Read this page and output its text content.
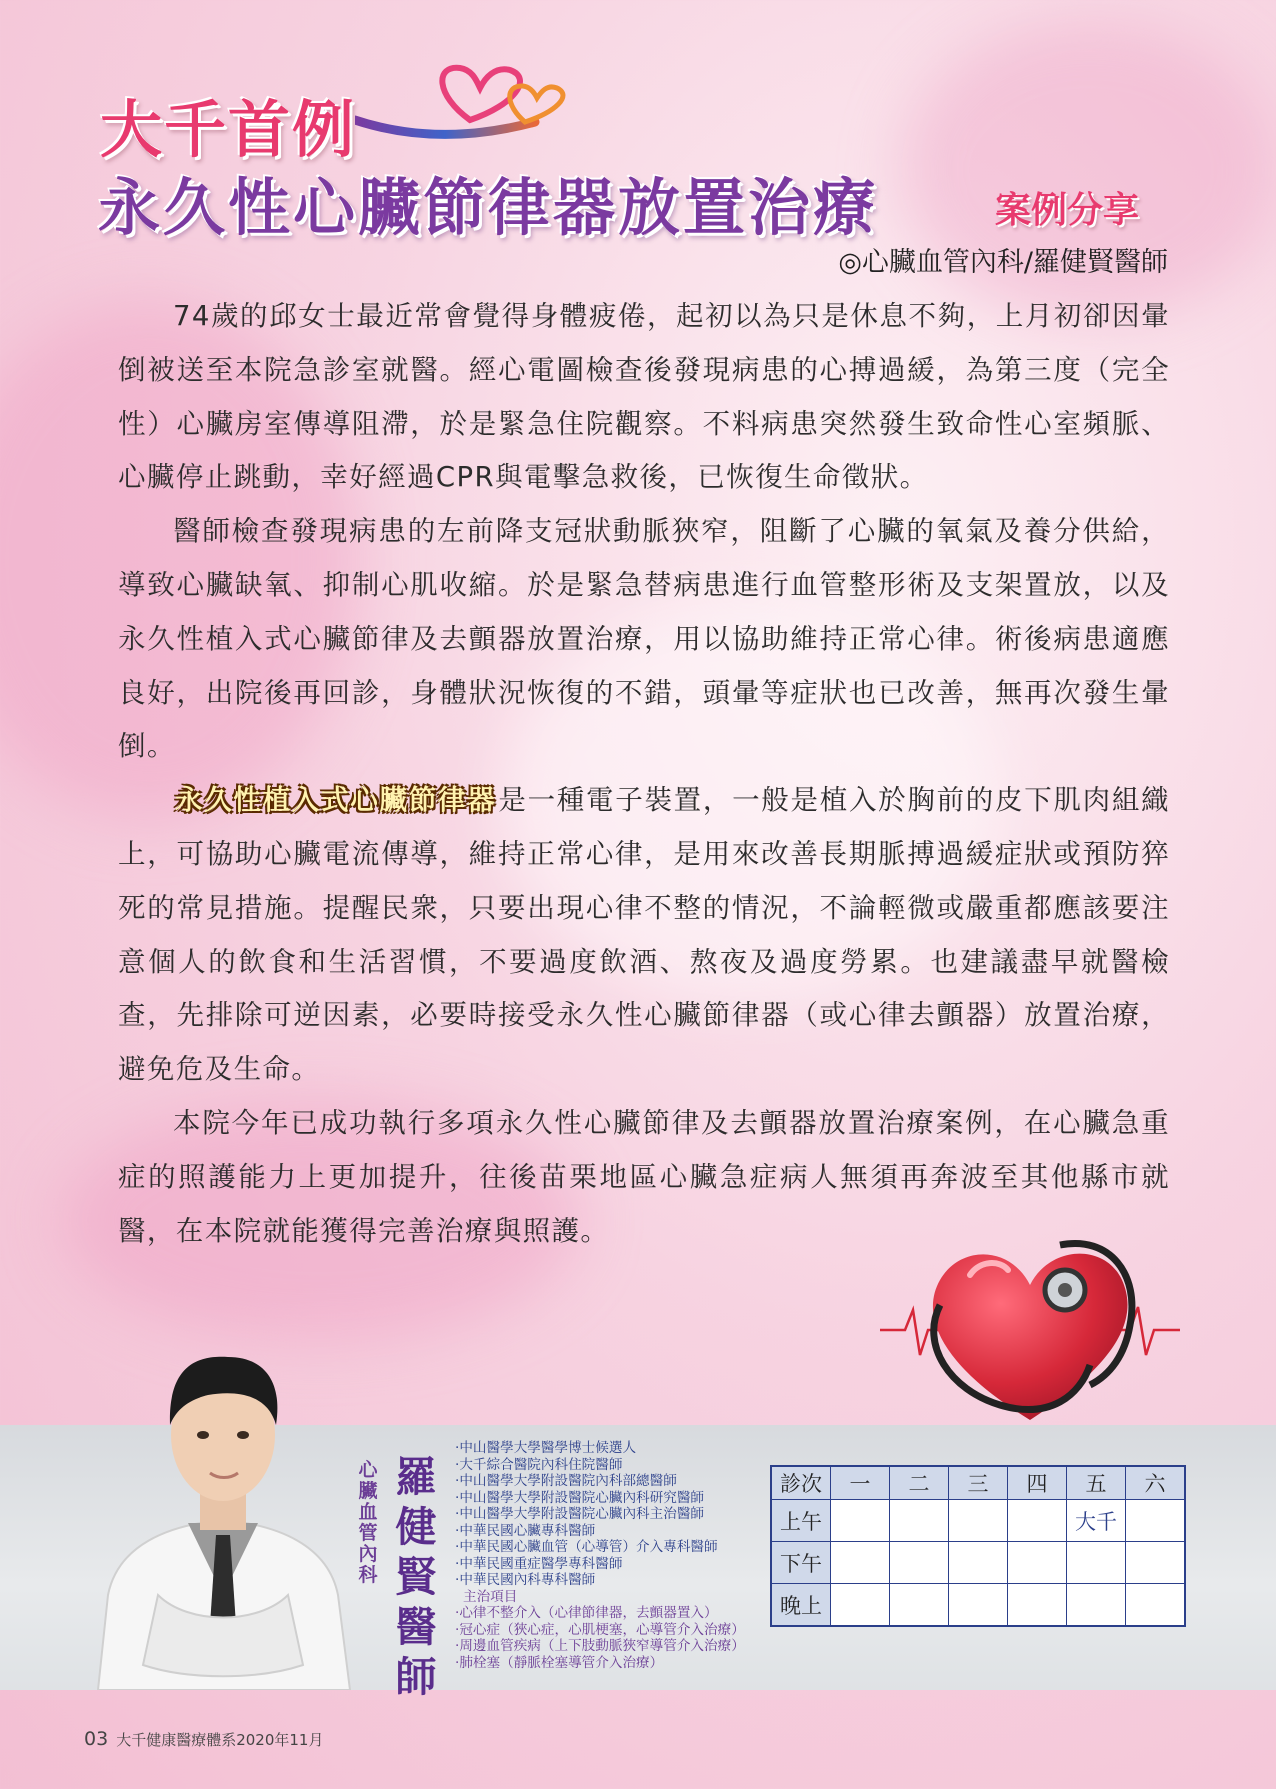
大千首例
永久性心臟節律器放置治療	案例分享
◎心臟血管內科/羅健賢醫師

74歲的邱女士最近常會覺得身體疲倦，起初以為只是休息不夠，上月初卻因暈倒被送至本院急診室就醫。經心電圖檢查後發現病患的心搏過緩，為第三度（完全性）心臟房室傳導阻滯，於是緊急住院觀察。不料病患突然發生致命性心室頻脈、心臟停止跳動，幸好經過CPR與電擊急救後，已恢復生命徵狀。

醫師檢查發現病患的左前降支冠狀動脈狹窄，阻斷了心臟的氧氣及養分供給，導致心臟缺氧、抑制心肌收縮。於是緊急替病患進行血管整形術及支架置放，以及永久性植入式心臟節律及去顫器放置治療，用以協助維持正常心律。術後病患適應良好，出院後再回診，身體狀況恢復的不錯，頭暈等症狀也已改善，無再次發生暈倒。

永久性植入式心臟節律器是一種電子裝置，一般是植入於胸前的皮下肌肉組織上，可協助心臟電流傳導，維持正常心律，是用來改善長期脈搏過緩症狀或預防猝死的常見措施。提醒民衆，只要出現心律不整的情況，不論輕微或嚴重都應該要注意個人的飲食和生活習慣，不要過度飲酒、熬夜及過度勞累。也建議盡早就醫檢查，先排除可逆因素，必要時接受永久性心臟節律器（或心律去顫器）放置治療，避免危及生命。

本院今年已成功執行多項永久性心臟節律及去顫器放置治療案例，在心臟急重症的照護能力上更加提升，往後苗栗地區心臟急症病人無須再奔波至其他縣市就醫，在本院就能獲得完善治療與照護。

心臟血管內科
羅健賢醫師
‧中山醫學大學醫學博士候選人
‧大千綜合醫院內科住院醫師
‧中山醫學大學附設醫院內科部總醫師
‧中山醫學大學附設醫院心臟內科研究醫師
‧中山醫學大學附設醫院心臟內科主治醫師
‧中華民國心臟專科醫師
‧中華民國心臟血管（心導管）介入專科醫師
‧中華民國重症醫學專科醫師
‧中華民國內科專科醫師
主治項目
‧心律不整介入（心律節律器，去顫器置入）
‧冠心症（狹心症，心肌梗塞，心導管介入治療）
‧周邊血管疾病（上下肢動脈狹窄導管介入治療）
‧肺栓塞（靜脈栓塞導管介入治療）
診次	一	二	三	四	五	六
上午					大千	
下午						
晚上						
03 大千健康醫療體系2020年11月
